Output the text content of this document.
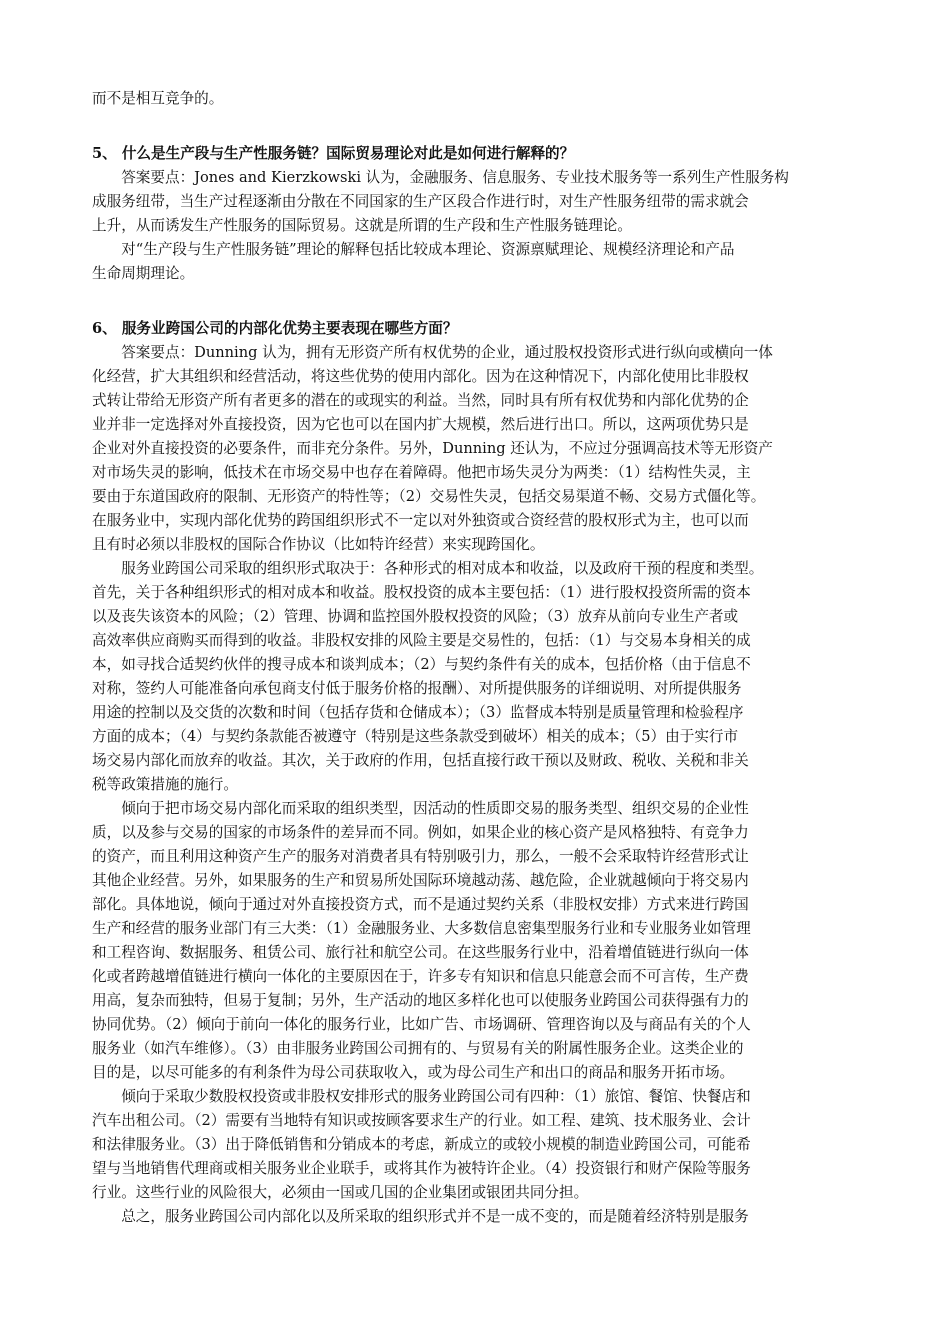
而不是相互竞争的。
5、 什么是生产段与生产性服务链？国际贸易理论对此是如何进行解释的？
　　答案要点：Jones and Kierzkowski 认为，金融服务、信息服务、专业技术服务等一系列生产性服务构
成服务纽带，当生产过程逐渐由分散在不同国家的生产区段合作进行时，对生产性服务纽带的需求就会
上升，从而诱发生产性服务的国际贸易。这就是所谓的生产段和生产性服务链理论。
　　对“生产段与生产性服务链”理论的解释包括比较成本理论、资源禀赋理论、规模经济理论和产品
生命周期理论。
6、 服务业跨国公司的内部化优势主要表现在哪些方面？
　　答案要点：Dunning 认为，拥有无形资产所有权优势的企业，通过股权投资形式进行纵向或横向一体
化经营，扩大其组织和经营活动，将这些优势的使用内部化。因为在这种情况下，内部化使用比非股权
式转让带给无形资产所有者更多的潜在的或现实的利益。当然，同时具有所有权优势和内部化优势的企
业并非一定选择对外直接投资，因为它也可以在国内扩大规模，然后进行出口。所以，这两项优势只是
企业对外直接投资的必要条件，而非充分条件。另外，Dunning 还认为，不应过分强调高技术等无形资产
对市场失灵的影响，低技术在市场交易中也存在着障碍。他把市场失灵分为两类：（1）结构性失灵，主
要由于东道国政府的限制、无形资产的特性等；（2）交易性失灵，包括交易渠道不畅、交易方式僵化等。
在服务业中，实现内部化优势的跨国组织形式不一定以对外独资或合资经营的股权形式为主，也可以而
且有时必须以非股权的国际合作协议（比如特许经营）来实现跨国化。
　　服务业跨国公司采取的组织形式取决于：各种形式的相对成本和收益，以及政府干预的程度和类型。
首先，关于各种组织形式的相对成本和收益。股权投资的成本主要包括：（1）进行股权投资所需的资本
以及丧失该资本的风险；（2）管理、协调和监控国外股权投资的风险；（3）放弃从前向专业生产者或
高效率供应商购买而得到的收益。非股权安排的风险主要是交易性的，包括：（1）与交易本身相关的成
本，如寻找合适契约伙伴的搜寻成本和谈判成本；（2）与契约条件有关的成本，包括价格（由于信息不
对称，签约人可能准备向承包商支付低于服务价格的报酬）、对所提供服务的详细说明、对所提供服务
用途的控制以及交货的次数和时间（包括存货和仓储成本）；（3）监督成本特别是质量管理和检验程序
方面的成本；（4）与契约条款能否被遵守（特别是这些条款受到破坏）相关的成本；（5）由于实行市
场交易内部化而放弃的收益。其次，关于政府的作用，包括直接行政干预以及财政、税收、关税和非关
税等政策措施的施行。
　　倾向于把市场交易内部化而采取的组织类型，因活动的性质即交易的服务类型、组织交易的企业性
质，以及参与交易的国家的市场条件的差异而不同。例如，如果企业的核心资产是风格独特、有竞争力
的资产，而且利用这种资产生产的服务对消费者具有特别吸引力，那么，一般不会采取特许经营形式让
其他企业经营。另外，如果服务的生产和贸易所处国际环境越动荡、越危险，企业就越倾向于将交易内
部化。具体地说，倾向于通过对外直接投资方式，而不是通过契约关系（非股权安排）方式来进行跨国
生产和经营的服务业部门有三大类：（1）金融服务业、大多数信息密集型服务行业和专业服务业如管理
和工程咨询、数据服务、租赁公司、旅行社和航空公司。在这些服务行业中，沿着增值链进行纵向一体
化或者跨越增值链进行横向一体化的主要原因在于，许多专有知识和信息只能意会而不可言传，生产费
用高，复杂而独特，但易于复制；另外，生产活动的地区多样化也可以使服务业跨国公司获得强有力的
协同优势。（2）倾向于前向一体化的服务行业，比如广告、市场调研、管理咨询以及与商品有关的个人
服务业（如汽车维修）。（3）由非服务业跨国公司拥有的、与贸易有关的附属性服务企业。这类企业的
目的是，以尽可能多的有利条件为母公司获取收入，或为母公司生产和出口的商品和服务开拓市场。
　　倾向于采取少数股权投资或非股权安排形式的服务业跨国公司有四种：（1）旅馆、餐馆、快餐店和
汽车出租公司。（2）需要有当地特有知识或按顾客要求生产的行业。如工程、建筑、技术服务业、会计
和法律服务业。（3）出于降低销售和分销成本的考虑，新成立的或较小规模的制造业跨国公司，可能希
望与当地销售代理商或相关服务业企业联手，或将其作为被特许企业。（4）投资银行和财产保险等服务
行业。这些行业的风险很大，必须由一国或几国的企业集团或银团共同分担。
　　总之，服务业跨国公司内部化以及所采取的组织形式并不是一成不变的，而是随着经济特别是服务
